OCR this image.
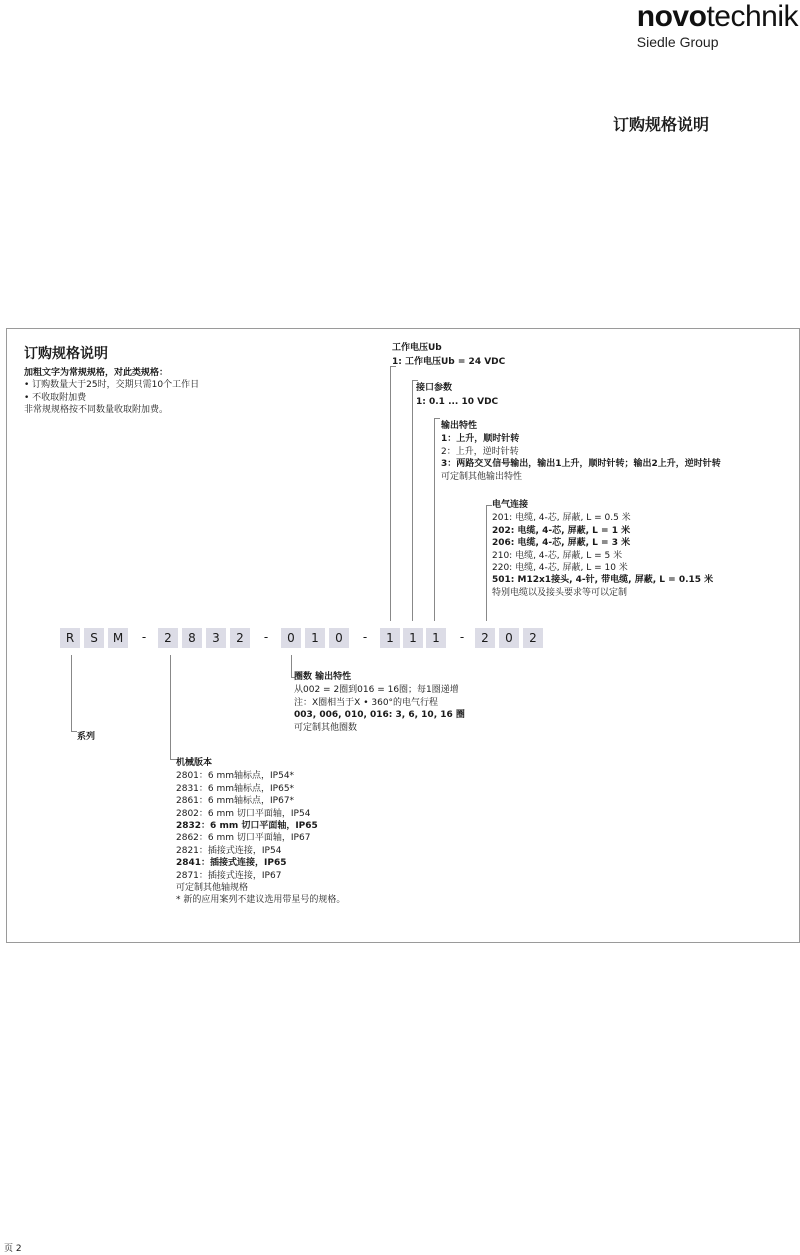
novotechnik
Siedle Group
订购规格说明
订购规格说明
加粗文字为常规规格，对此类规格：
• 订购数量大于25时，交期只需10个工作日
• 不收取附加费
非常规规格按不同数量收取附加费。
工作电压Ub
1: 工作电压Ub = 24 VDC
接口参数
1: 0.1 ... 10 VDC
输出特性
1：上升，顺时针转
2：上升，逆时针转
3：两路交叉信号输出，输出1上升，顺时针转；输出2上升，逆时针转
可定制其他输出特性
电气连接
201: 电缆, 4-芯, 屏蔽, L = 0.5 米
202: 电缆, 4-芯, 屏蔽, L = 1 米
206: 电缆, 4-芯, 屏蔽, L = 3 米
210: 电缆, 4-芯, 屏蔽, L = 5 米
220: 电缆, 4-芯, 屏蔽, L = 10 米
501: M12x1接头, 4-针, 带电缆, 屏蔽, L = 0.15 米
特别电缆以及接头要求等可以定制
R	S	M	-	2	8	3	2	-	0	1	0	-	1	1	1	-	2	0	2
圈数 输出特性
从002 = 2圈到016 = 16圈；每1圈递增
注：X圈相当于X • 360°的电气行程
003, 006, 010, 016: 3, 6, 10, 16 圈
可定制其他圈数
系列
机械版本
2801：6 mm轴标点，IP54*
2831：6 mm轴标点，IP65*
2861：6 mm轴标点，IP67*
2802：6 mm 切口平面轴，IP54
2832：6 mm 切口平面轴，IP65
2862：6 mm 切口平面轴，IP67
2821：插接式连接，IP54
2841：插接式连接，IP65
2871：插接式连接，IP67
可定制其他轴规格
* 新的应用案列不建议选用带星号的规格。
页 2
